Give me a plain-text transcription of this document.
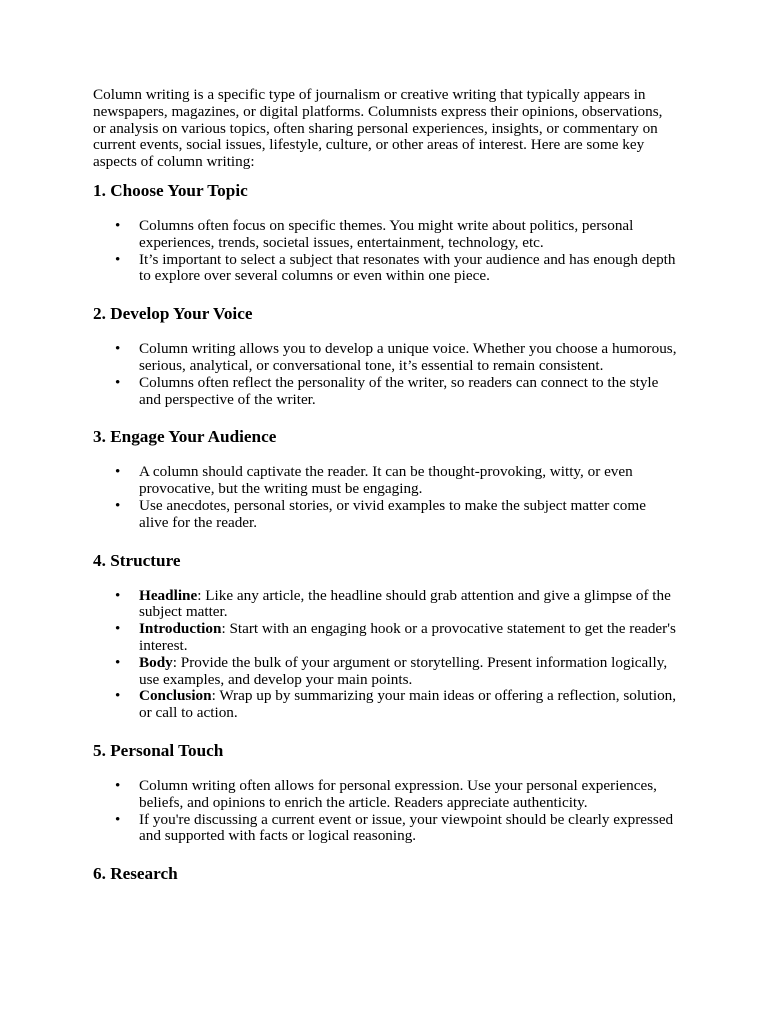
Column writing is a specific type of journalism or creative writing that typically appears in newspapers, magazines, or digital platforms. Columnists express their opinions, observations, or analysis on various topics, often sharing personal experiences, insights, or commentary on current events, social issues, lifestyle, culture, or other areas of interest. Here are some key aspects of column writing:

1. Choose Your Topic
• Columns often focus on specific themes. You might write about politics, personal experiences, trends, societal issues, entertainment, technology, etc.
• It’s important to select a subject that resonates with your audience and has enough depth to explore over several columns or even within one piece.
2. Develop Your Voice
• Column writing allows you to develop a unique voice. Whether you choose a humorous, serious, analytical, or conversational tone, it’s essential to remain consistent.
• Columns often reflect the personality of the writer, so readers can connect to the style and perspective of the writer.
3. Engage Your Audience
• A column should captivate the reader. It can be thought-provoking, witty, or even provocative, but the writing must be engaging.
• Use anecdotes, personal stories, or vivid examples to make the subject matter come alive for the reader.
4. Structure
• Headline: Like any article, the headline should grab attention and give a glimpse of the subject matter.
• Introduction: Start with an engaging hook or a provocative statement to get the reader's interest.
• Body: Provide the bulk of your argument or storytelling. Present information logically, use examples, and develop your main points.
• Conclusion: Wrap up by summarizing your main ideas or offering a reflection, solution, or call to action.
5. Personal Touch
• Column writing often allows for personal expression. Use your personal experiences, beliefs, and opinions to enrich the article. Readers appreciate authenticity.
• If you're discussing a current event or issue, your viewpoint should be clearly expressed and supported with facts or logical reasoning.
6. Research
